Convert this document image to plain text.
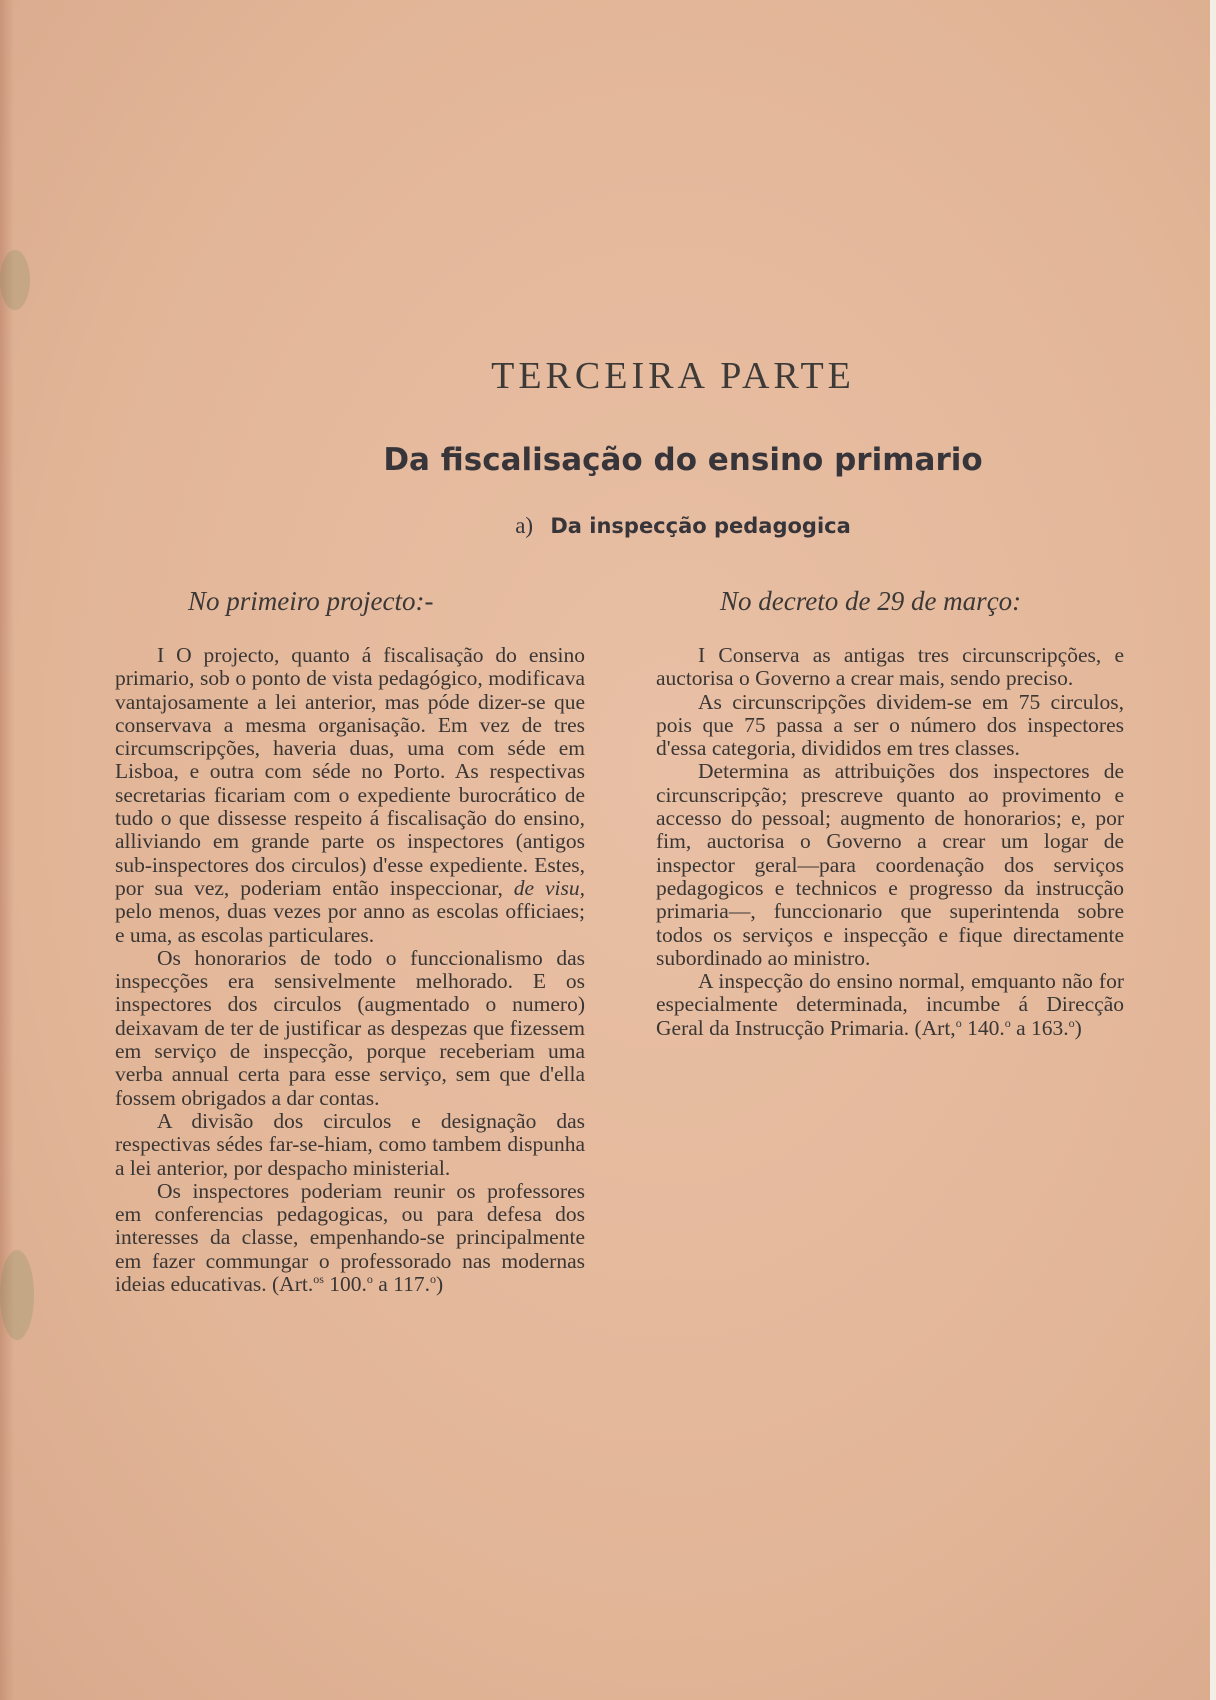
TERCEIRA PARTE
Da fiscalisação do ensino primario
a) Da inspecção pedagogica
No primeiro projecto:-	No decreto de 29 de março:

I O projecto, quanto á fiscalisação do ensino primario, sob o ponto de vista pedagógico, modificava vantajosamente a lei anterior, mas póde dizer-se que conservava a mesma organisação. Em vez de tres circumscripções, haveria duas, uma com séde em Lisboa, e outra com séde no Porto. As respectivas secretarias ficariam com o expediente burocrático de tudo o que dissesse respeito á fiscalisação do ensino, alliviando em grande parte os inspectores (antigos sub-inspectores dos circulos) d'esse expediente. Estes, por sua vez, poderiam então inspeccionar, de visu, pelo menos, duas vezes por anno as escolas officiaes; e uma, as escolas particulares.

Os honorarios de todo o funccionalismo das inspecções era sensivelmente melhorado. E os inspectores dos circulos (augmentado o numero) deixavam de ter de justificar as despezas que fizessem em serviço de inspecção, porque receberiam uma verba annual certa para esse serviço, sem que d'ella fossem obrigados a dar contas.

A divisão dos circulos e designação das respectivas sédes far-se-hiam, como tambem dispunha a lei anterior, por despacho ministerial.

Os inspectores poderiam reunir os professores em conferencias pedagogicas, ou para defesa dos interesses da classe, empenhando-se principalmente em fazer commungar o professorado nas modernas ideias educativas. (Art.$^{os}$ 100.$^o$ a 117.$^o$)

I Conserva as antigas tres circunscripções, e auctorisa o Governo a crear mais, sendo preciso.

As circunscripções dividem-se em 75 circulos, pois que 75 passa a ser o número dos inspectores d'essa categoria, divididos em tres classes.

Determina as attribuições dos inspectores de circunscripção; prescreve quanto ao provimento e accesso do pessoal; augmento de honorarios; e, por fim, auctorisa o Governo a crear um logar de inspector geral—para coordenação dos serviços pedagogicos e technicos e progresso da instrucção primaria—, funccionario que superintenda sobre todos os serviços e inspecção e fique directamente subordinado ao ministro.

A inspecção do ensino normal, emquanto não for especialmente determinada, incumbe á Direcção Geral da Instrucção Primaria. (Art,$^o$ 140.$^o$ a 163.$^o$)
